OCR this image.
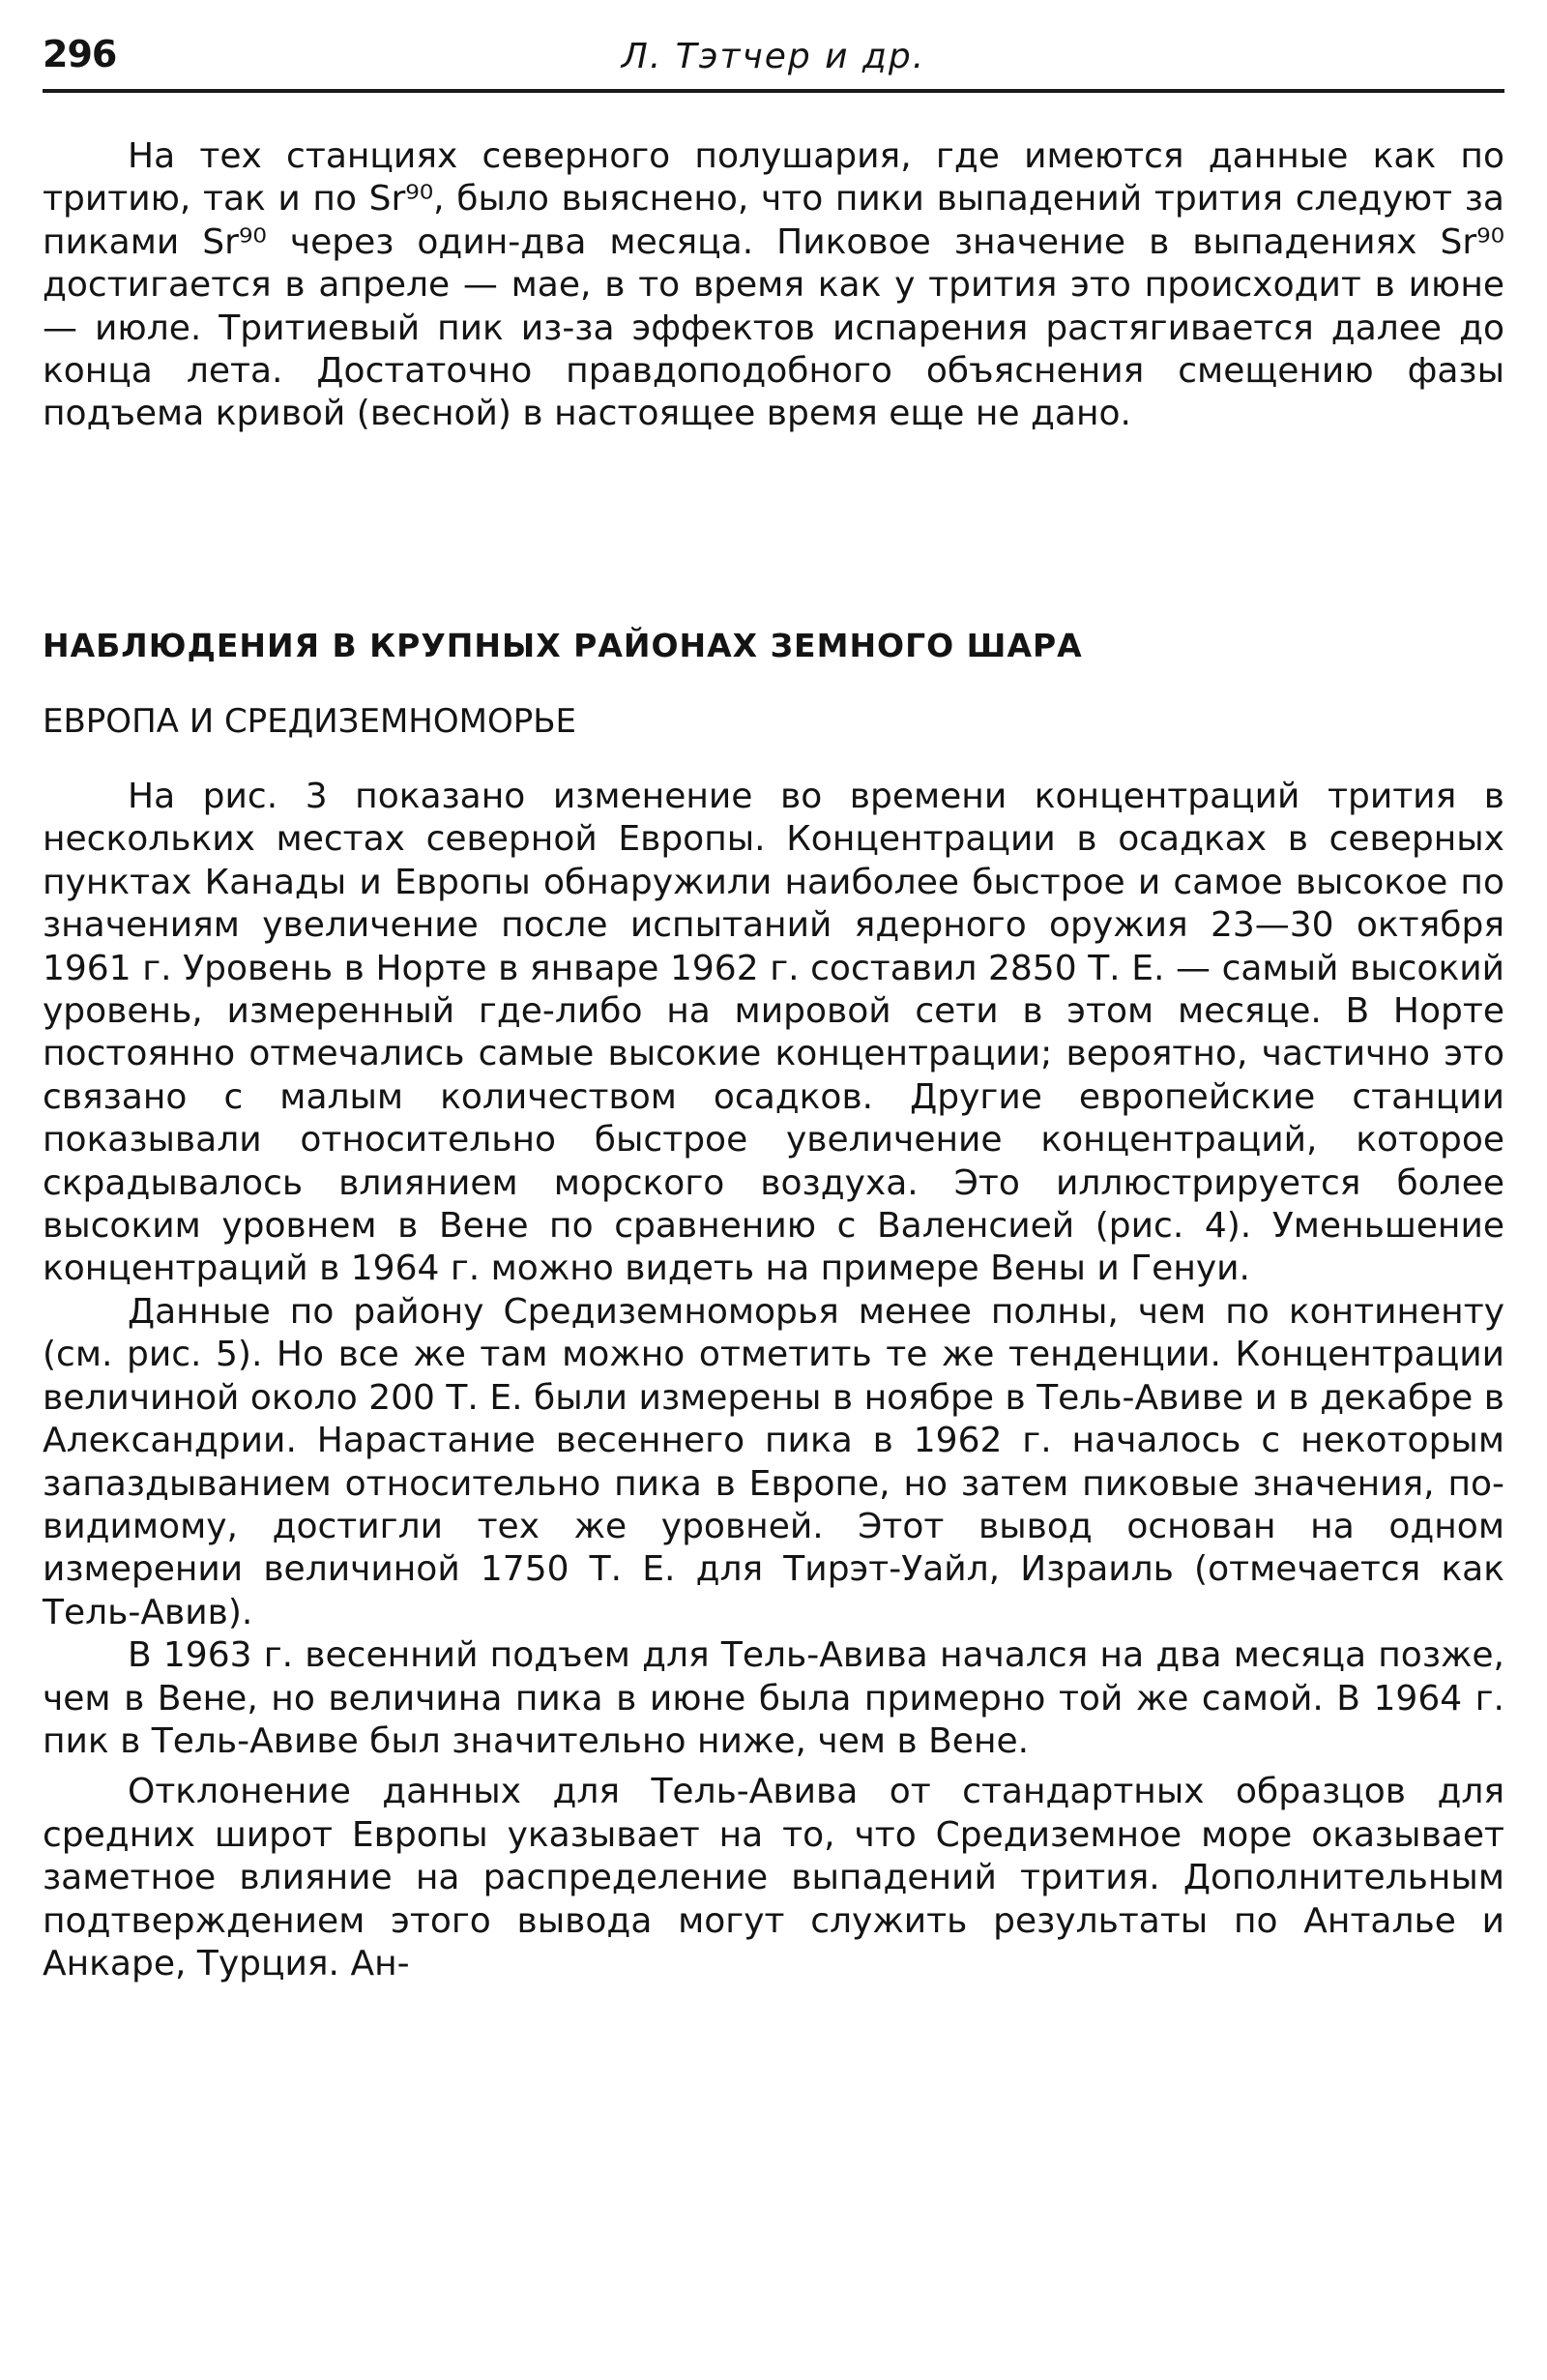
296	Л. Тэтчер и др.

На тех станциях северного полушария, где имеются данные как по тритию, так и по Sr⁹⁰, было выяснено, что пики выпадений трития следуют за пиками Sr⁹⁰ через один-два месяца. Пиковое значение в выпадениях Sr⁹⁰ достигается в апреле — мае, в то время как у трития это происходит в июне — июле. Тритиевый пик из-за эффектов испарения растягивается далее до конца лета. Достаточно правдоподобного объяснения смещению фазы подъема кривой (весной) в настоящее время еще не дано.

НАБЛЮДЕНИЯ В КРУПНЫХ РАЙОНАХ ЗЕМНОГО ШАРА
ЕВРОПА И СРЕДИЗЕМНОМОРЬЕ

На рис. 3 показано изменение во времени концентраций трития в нескольких местах северной Европы. Концентрации в осадках в северных пунктах Канады и Европы обнаружили наиболее быстрое и самое высокое по значениям увеличение после испытаний ядерного оружия 23—30 октября 1961 г. Уровень в Норте в январе 1962 г. составил 2850 Т. Е. — самый высокий уровень, измеренный где-либо на мировой сети в этом месяце. В Норте постоянно отмечались самые высокие концентрации; вероятно, частично это связано с малым количеством осадков. Другие европейские станции показывали относительно быстрое увеличение концентраций, которое скрадывалось влиянием морского воздуха. Это иллюстрируется более высоким уровнем в Вене по сравнению с Валенсией (рис. 4). Уменьшение концентраций в 1964 г. можно видеть на примере Вены и Генуи.

Данные по району Средиземноморья менее полны, чем по континенту (см. рис. 5). Но все же там можно отметить те же тенденции. Концентрации величиной около 200 Т. Е. были измерены в ноябре в Тель-Авиве и в декабре в Александрии. Нарастание весеннего пика в 1962 г. началось с некоторым запаздыванием относительно пика в Европе, но затем пиковые значения, по-видимому, достигли тех же уровней. Этот вывод основан на одном измерении величиной 1750 Т. Е. для Тирэт-Уайл, Израиль (отмечается как Тель-Авив).

В 1963 г. весенний подъем для Тель-Авива начался на два месяца позже, чем в Вене, но величина пика в июне была примерно той же самой. В 1964 г. пик в Тель-Авиве был значительно ниже, чем в Вене.

Отклонение данных для Тель-Авива от стандартных образцов для средних широт Европы указывает на то, что Средиземное море оказывает заметное влияние на распределение выпадений трития. Дополнительным подтверждением этого вывода могут служить результаты по Анталье и Анкаре, Турция. Ан-
